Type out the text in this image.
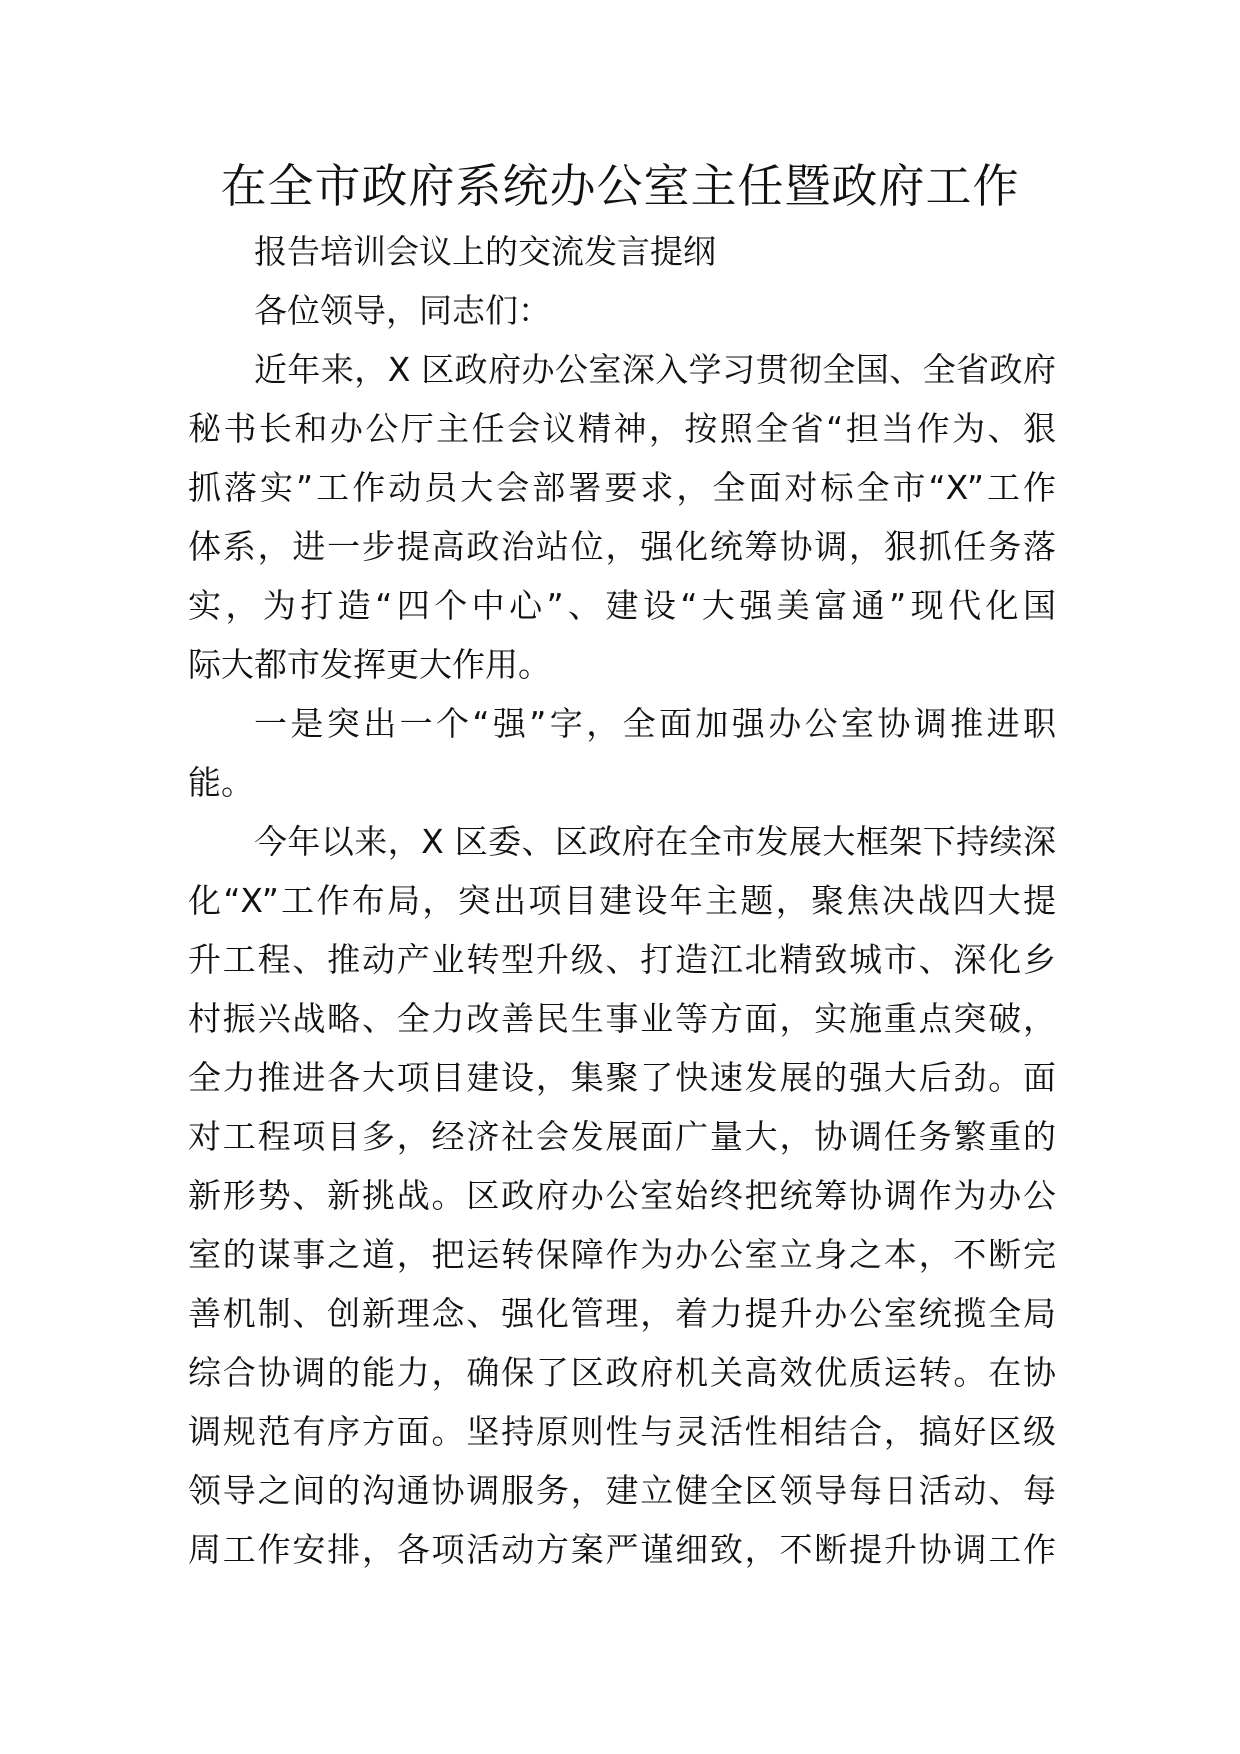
在全市政府系统办公室主任暨政府工作
报告培训会议上的交流发言提纲
各位领导，同志们：
近年来，X 区政府办公室深入学习贯彻全国、全省政府
秘书长和办公厅主任会议精神，按照全省“担当作为、狠
抓落实”工作动员大会部署要求，全面对标全市“X”工作
体系，进一步提高政治站位，强化统筹协调，狠抓任务落
实，为打造“四个中心”、建设“大强美富通”现代化国
际大都市发挥更大作用。
一是突出一个“强”字，全面加强办公室协调推进职
能。
今年以来，X 区委、区政府在全市发展大框架下持续深
化“X”工作布局，突出项目建设年主题，聚焦决战四大提
升工程、推动产业转型升级、打造江北精致城市、深化乡
村振兴战略、全力改善民生事业等方面，实施重点突破，
全力推进各大项目建设，集聚了快速发展的强大后劲。面
对工程项目多，经济社会发展面广量大，协调任务繁重的
新形势、新挑战。区政府办公室始终把统筹协调作为办公
室的谋事之道，把运转保障作为办公室立身之本，不断完
善机制、创新理念、强化管理，着力提升办公室统揽全局
综合协调的能力，确保了区政府机关高效优质运转。在协
调规范有序方面。坚持原则性与灵活性相结合，搞好区级
领导之间的沟通协调服务，建立健全区领导每日活动、每
周工作安排，各项活动方案严谨细致，不断提升协调工作
